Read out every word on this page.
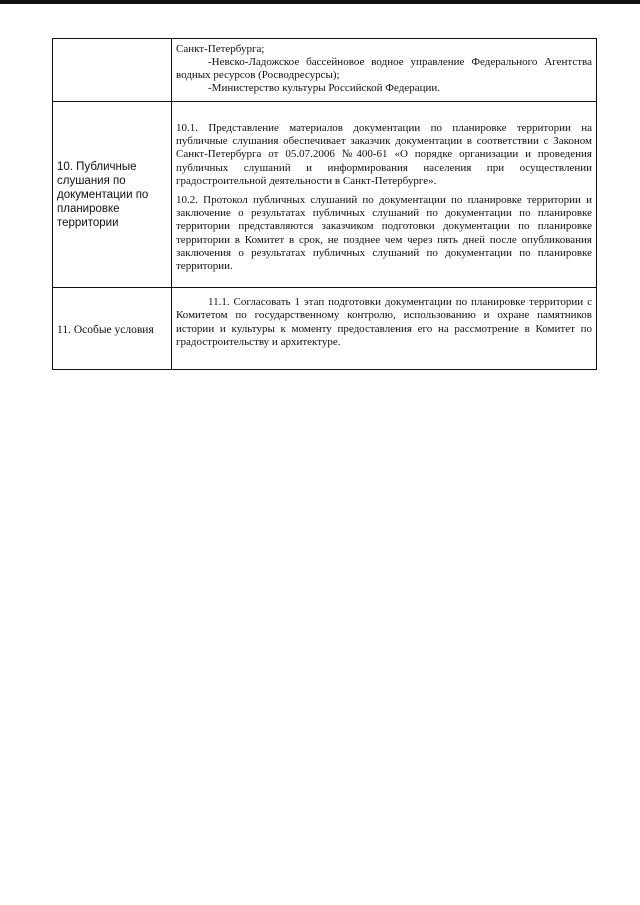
	Санкт-Петербурга;

-Невско-Ладожское бассейновое водное управление Федерального Агентства водных ресурсов (Росводресурсы);

-Министерство культуры Российской Федерации.

10. Публичные слушания по документации по планировке территории	10.1. Представление материалов документации по планировке территории на публичные слушания обеспечивает заказчик документации в соответствии с Законом Санкт-Петербурга от 05.07.2006 №400-61 «О порядке организации и проведения публичных слушаний и информирования населения при осуществлении градостроительной деятельности в Санкт-Петербурге».

10.2. Протокол публичных слушаний по документации по планировке территории и заключение о результатах публичных слушаний по документации по планировке территории представляются заказчиком подготовки документации по планировке территории в Комитет в срок, не позднее чем через пять дней после опубликования заключения о результатах публичных слушаний по документации по планировке территории.

11. Особые условия	11.1. Согласовать 1 этап подготовки документации по планировке территории с Комитетом по государственному контролю, использованию и охране памятников истории и культуры к моменту предоставления его на рассмотрение в Комитет по градостроительству и архитектуре.
